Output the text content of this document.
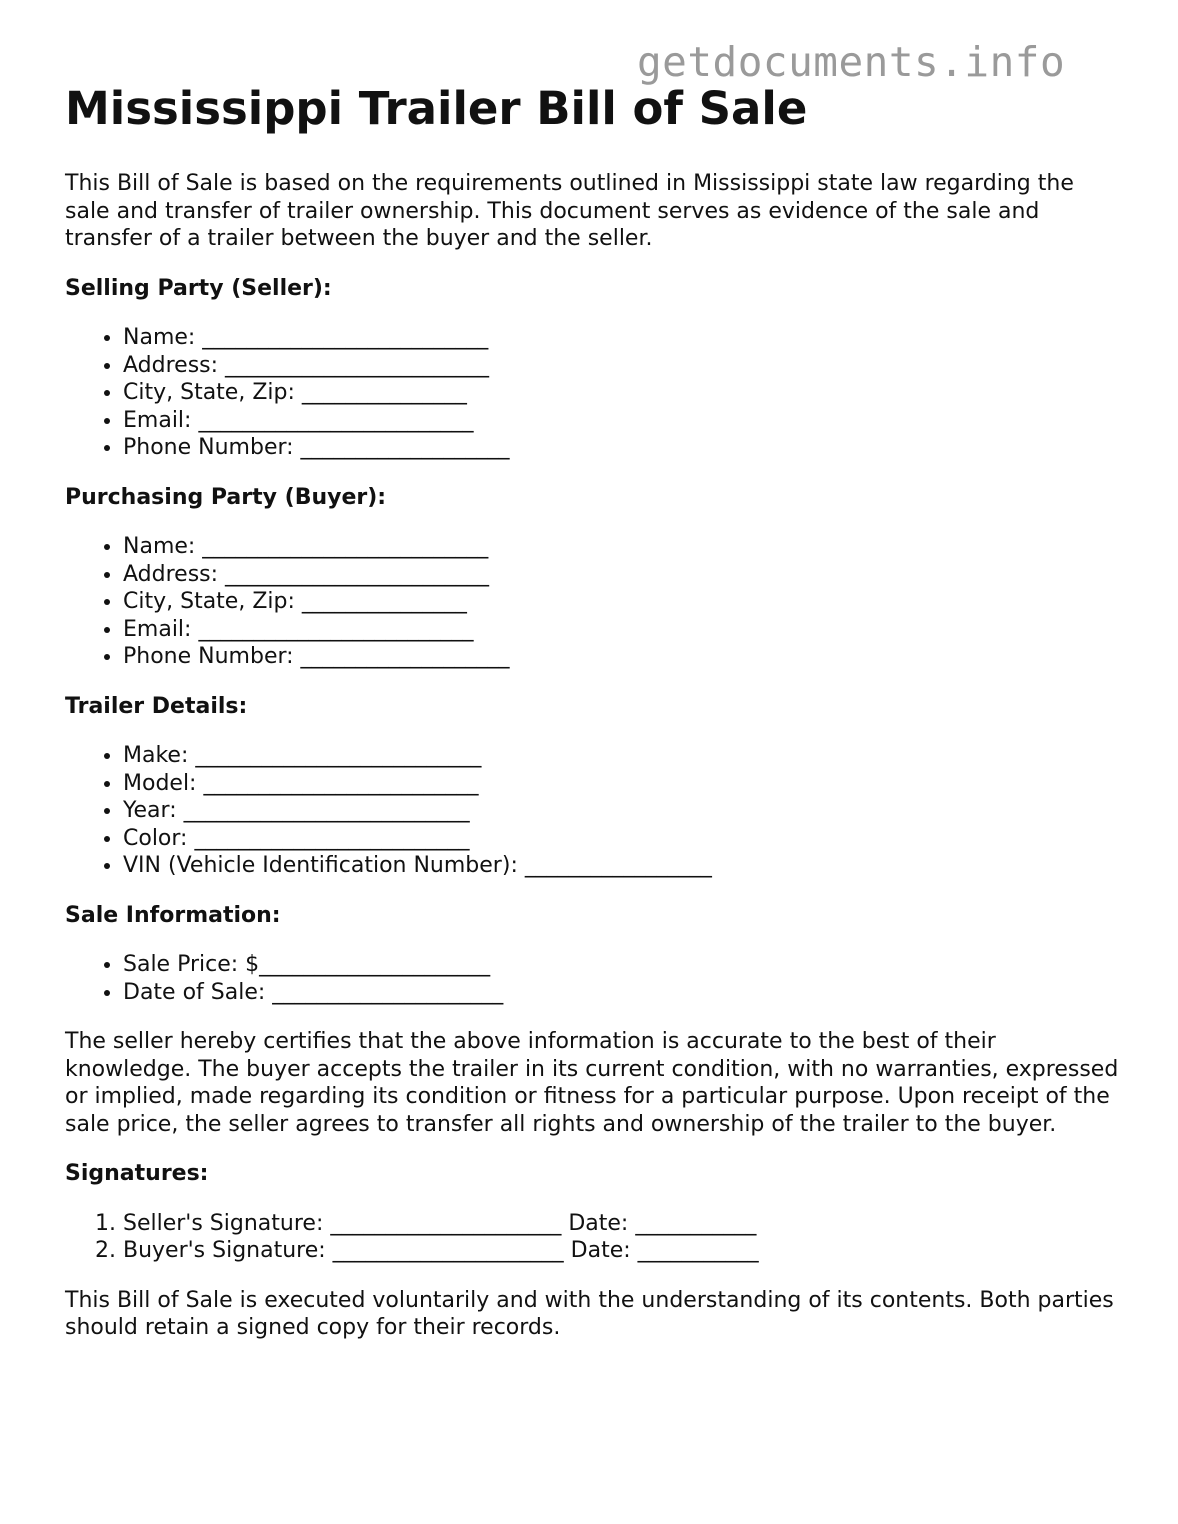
getdocuments.info

Mississippi Trailer Bill of Sale

This Bill of Sale is based on the requirements outlined in Mississippi state law regarding the sale and transfer of trailer ownership. This document serves as evidence of the sale and transfer of a trailer between the buyer and the seller.

Selling Party (Seller):
• Name: __________________________
• Address: ________________________
• City, State, Zip: _______________
• Email: _________________________
• Phone Number: ___________________
Purchasing Party (Buyer):
• Name: __________________________
• Address: ________________________
• City, State, Zip: _______________
• Email: _________________________
• Phone Number: ___________________
Trailer Details:
• Make: __________________________
• Model: _________________________
• Year: __________________________
• Color: _________________________
• VIN (Vehicle Identification Number): _________________
Sale Information:
• Sale Price: $_____________________
• Date of Sale: _____________________

The seller hereby certifies that the above information is accurate to the best of their knowledge. The buyer accepts the trailer in its current condition, with no warranties, expressed or implied, made regarding its condition or fitness for a particular purpose. Upon receipt of the sale price, the seller agrees to transfer all rights and ownership of the trailer to the buyer.

Signatures:
1. Seller's Signature: _____________________ Date: ___________
2. Buyer's Signature: _____________________ Date: ___________

This Bill of Sale is executed voluntarily and with the understanding of its contents. Both parties should retain a signed copy for their records.
